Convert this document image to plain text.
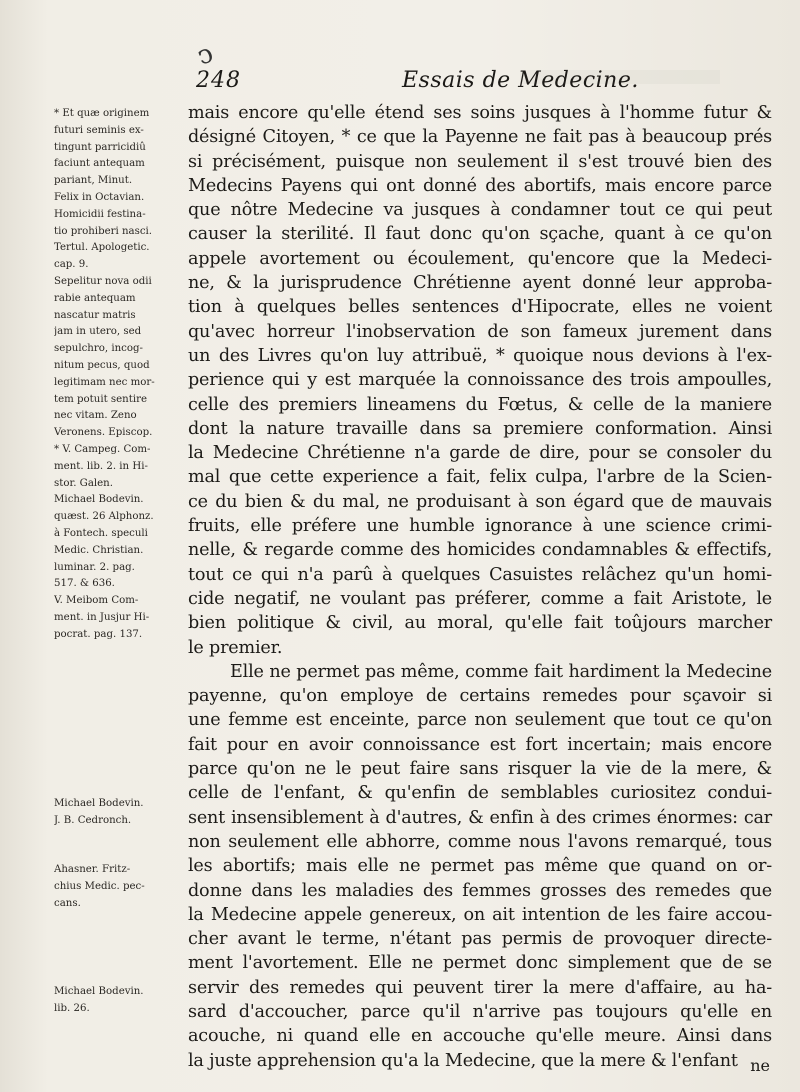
ↄ
248	Essais de Medecine.
* Et quæ originem
futuri seminis ex-
tingunt parricidiû
faciunt antequam
pariant, Minut.
Felix in Octavian.
Homicidii festina-
tio prohiberi nasci.
Tertul. Apologetic.
cap. 9.
Sepelitur nova odii
rabie antequam
nascatur matris
jam in utero, sed
sepulchro, incog-
nitum pecus, quod
legitimam nec mor-
tem potuit sentire
nec vitam. Zeno
Veronens. Episcop.
* V. Campeg. Com-
ment. lib. 2. in Hi-
stor. Galen.
Michael Bodevin.
quæst. 26 Alphonz.
à Fontech. speculi
Medic. Christian.
luminar. 2. pag.
517. & 636.
V. Meibom Com-
ment. in Jusjur Hi-
pocrat. pag. 137.
Michael Bodevin.
J. B. Cedronch.
Ahasner. Fritz-
chius Medic. pec-
cans.
Michael Bodevin.
lib. 26.
mais encore qu'elle étend ses soins jusques à l'homme futur &
désigné Citoyen, * ce que la Payenne ne fait pas à beaucoup prés
si précisément, puisque non seulement il s'est trouvé bien des
Medecins Payens qui ont donné des abortifs, mais encore parce
que nôtre Medecine va jusques à condamner tout ce qui peut
causer la sterilité. Il faut donc qu'on sçache, quant à ce qu'on
appele avortement ou écoulement, qu'encore que la Medeci-
ne, & la jurisprudence Chrétienne ayent donné leur approba-
tion à quelques belles sentences d'Hipocrate, elles ne voient
qu'avec horreur l'inobservation de son fameux jurement dans
un des Livres qu'on luy attribuë, * quoique nous devions à l'ex-
perience qui y est marquée la connoissance des trois ampoulles,
celle des premiers lineamens du Fœtus, & celle de la maniere
dont la nature travaille dans sa premiere conformation. Ainsi
la Medecine Chrétienne n'a garde de dire, pour se consoler du
mal que cette experience a fait, felix culpa, l'arbre de la Scien-
ce du bien & du mal, ne produisant à son égard que de mauvais
fruits, elle préfere une humble ignorance à une science crimi-
nelle, & regarde comme des homicides condamnables & effectifs,
tout ce qui n'a parû à quelques Casuistes relâchez qu'un homi-
cide negatif, ne voulant pas préferer, comme a fait Aristote, le
bien politique & civil, au moral, qu'elle fait toûjours marcher
le premier.
Elle ne permet pas même, comme fait hardiment la Medecine
payenne, qu'on employe de certains remedes pour sçavoir si
une femme est enceinte, parce non seulement que tout ce qu'on
fait pour en avoir connoissance est fort incertain; mais encore
parce qu'on ne le peut faire sans risquer la vie de la mere, &
celle de l'enfant, & qu'enfin de semblables curiositez condui-
sent insensiblement à d'autres, & enfin à des crimes énormes: car
non seulement elle abhorre, comme nous l'avons remarqué, tous
les abortifs; mais elle ne permet pas même que quand on or-
donne dans les maladies des femmes grosses des remedes que
la Medecine appele genereux, on ait intention de les faire accou-
cher avant le terme, n'étant pas permis de provoquer directe-
ment l'avortement. Elle ne permet donc simplement que de se
servir des remedes qui peuvent tirer la mere d'affaire, au ha-
sard d'accoucher, parce qu'il n'arrive pas toujours qu'elle en
acouche, ni quand elle en accouche qu'elle meure. Ainsi dans
la juste apprehension qu'a la Medecine, que la mere & l'enfant ne
